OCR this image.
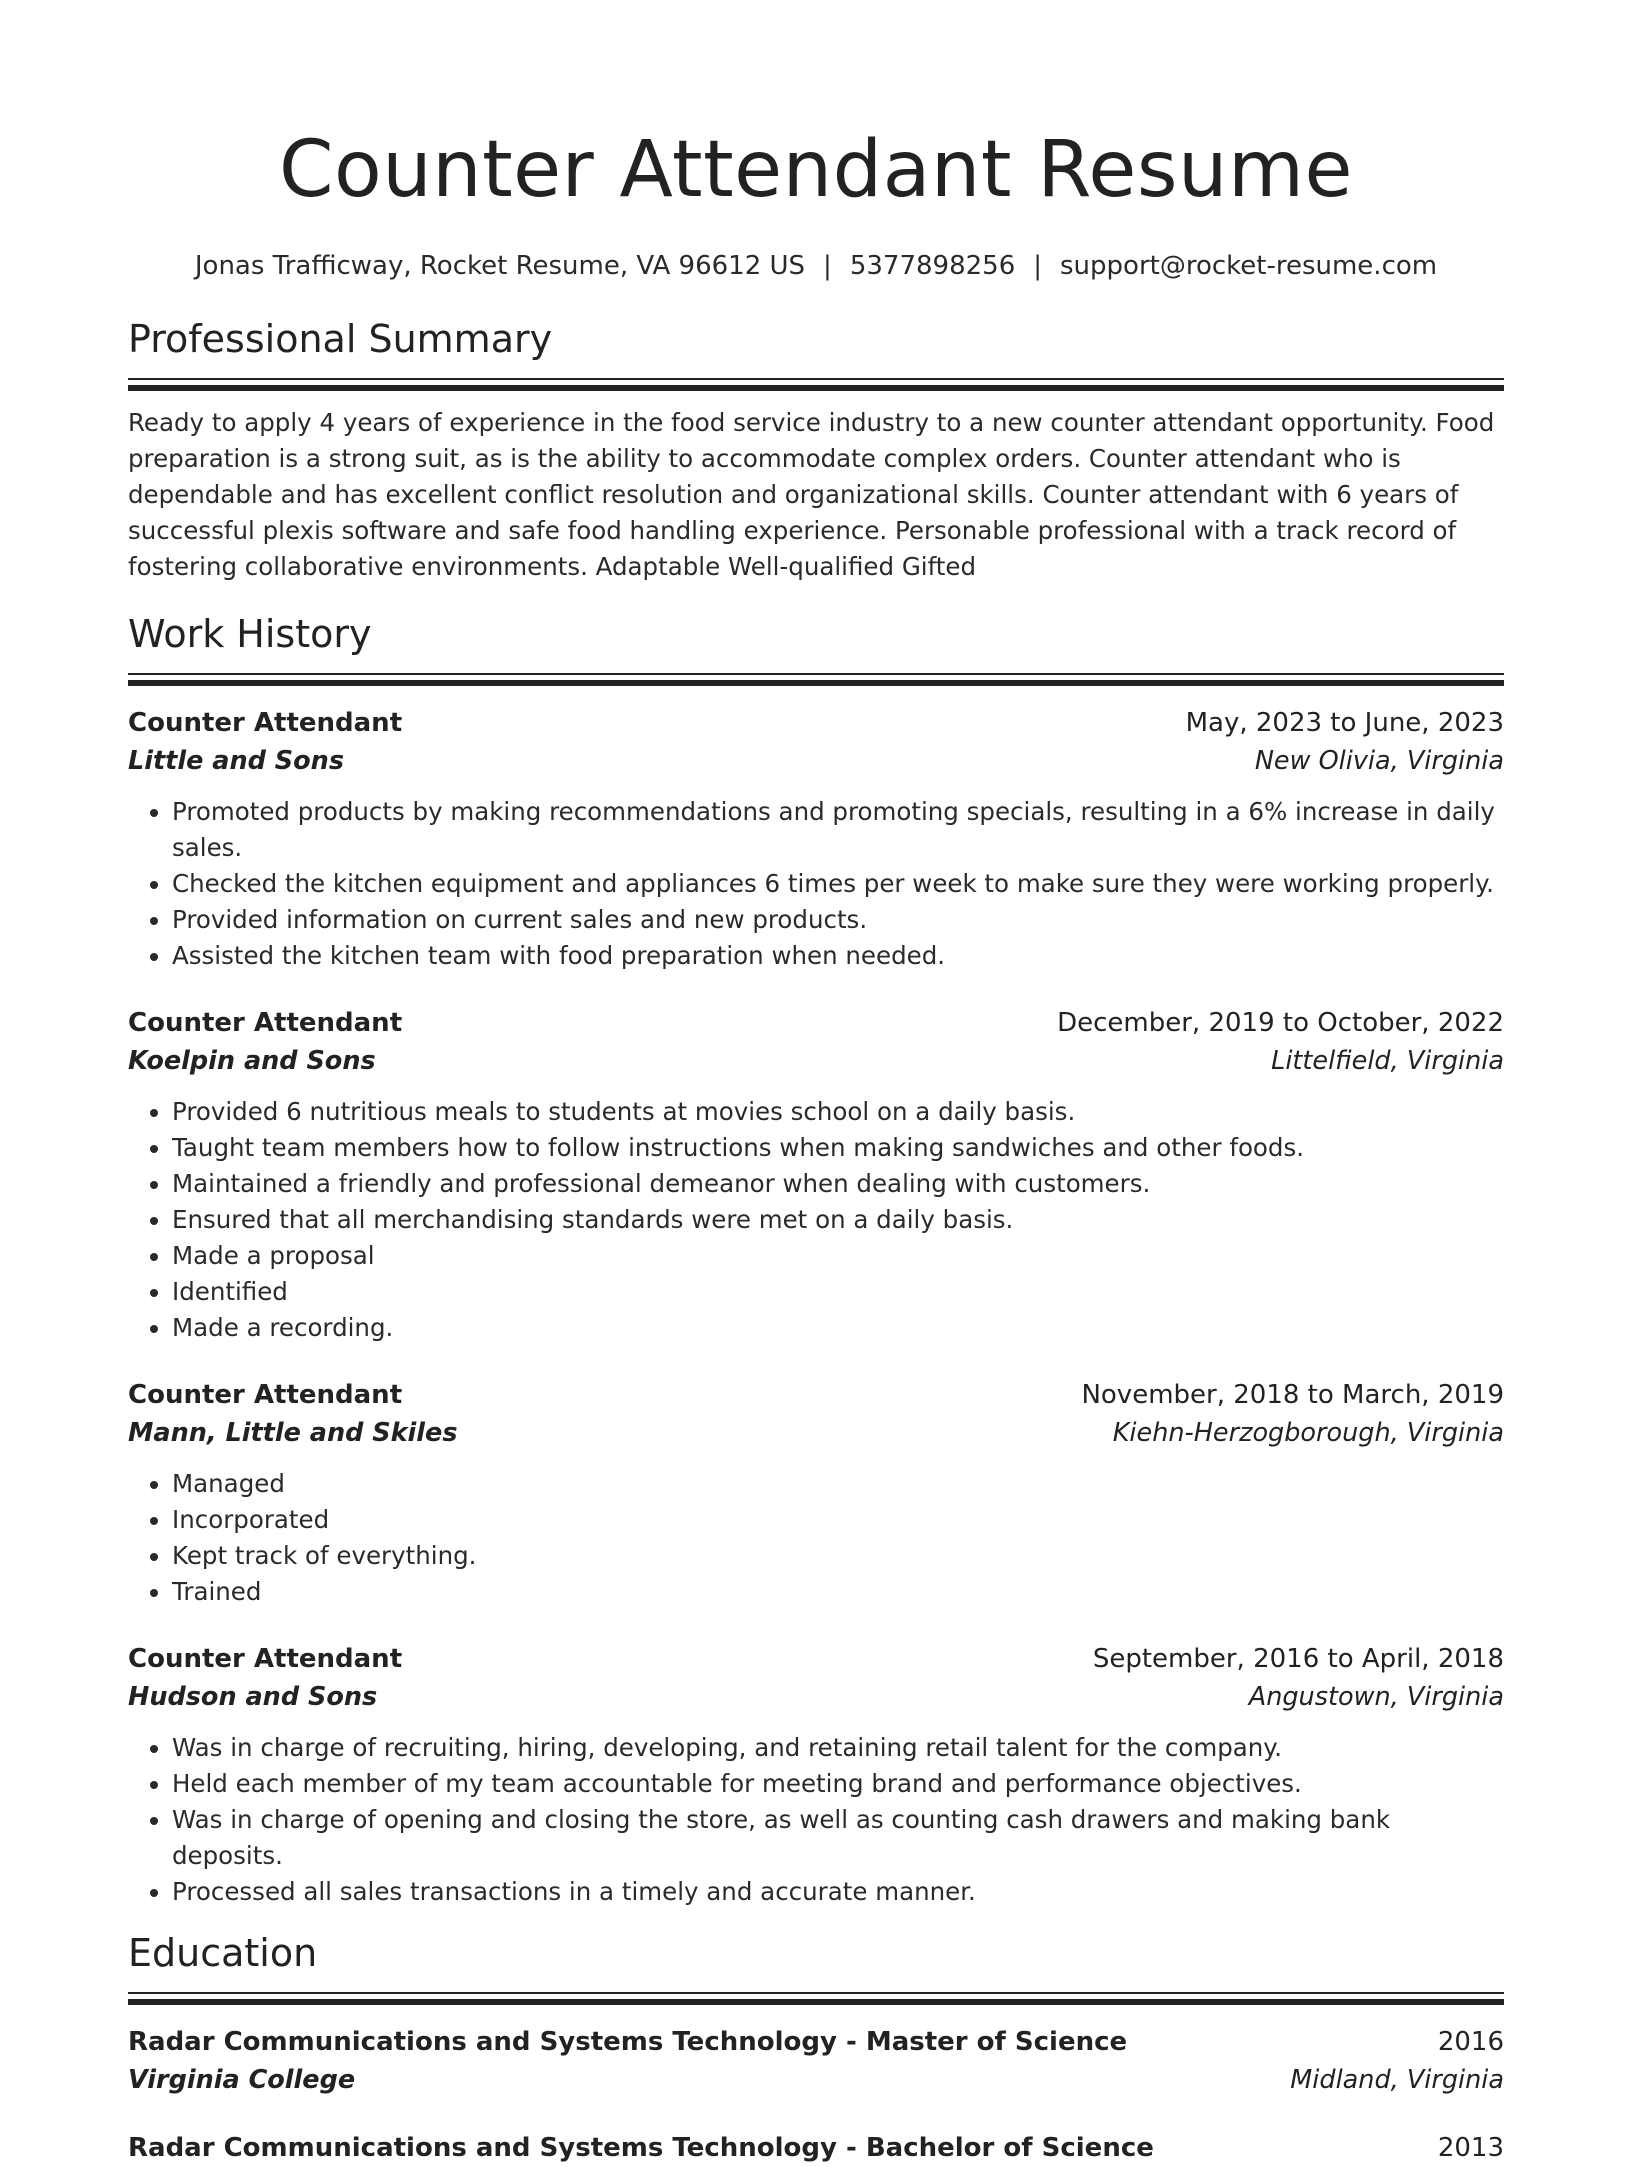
Counter Attendant Resume
Jonas Trafficway, Rocket Resume, VA 96612 US | 5377898256 | support@rocket-resume.com
Professional Summary
Ready to apply 4 years of experience in the food service industry to a new counter attendant opportunity. Food preparation is a strong suit, as is the ability to accommodate complex orders. Counter attendant who is dependable and has excellent conflict resolution and organizational skills. Counter attendant with 6 years of successful plexis software and safe food handling experience. Personable professional with a track record of fostering collaborative environments. Adaptable Well-qualified Gifted
Work History
Counter Attendant	May, 2023 to June, 2023
Little and Sons	New Olivia, Virginia
• Promoted products by making recommendations and promoting specials, resulting in a 6% increase in daily sales.
• Checked the kitchen equipment and appliances 6 times per week to make sure they were working properly.
• Provided information on current sales and new products.
• Assisted the kitchen team with food preparation when needed.
Counter Attendant	December, 2019 to October, 2022
Koelpin and Sons	Littelfield, Virginia
• Provided 6 nutritious meals to students at movies school on a daily basis.
• Taught team members how to follow instructions when making sandwiches and other foods.
• Maintained a friendly and professional demeanor when dealing with customers.
• Ensured that all merchandising standards were met on a daily basis.
• Made a proposal
• Identified
• Made a recording.
Counter Attendant	November, 2018 to March, 2019
Mann, Little and Skiles	Kiehn-Herzogborough, Virginia
• Managed
• Incorporated
• Kept track of everything.
• Trained
Counter Attendant	September, 2016 to April, 2018
Hudson and Sons	Angustown, Virginia
• Was in charge of recruiting, hiring, developing, and retaining retail talent for the company.
• Held each member of my team accountable for meeting brand and performance objectives.
• Was in charge of opening and closing the store, as well as counting cash drawers and making bank deposits.
• Processed all sales transactions in a timely and accurate manner.
Education
Radar Communications and Systems Technology - Master of Science	2016
Virginia College	Midland, Virginia
Radar Communications and Systems Technology - Bachelor of Science	2013
